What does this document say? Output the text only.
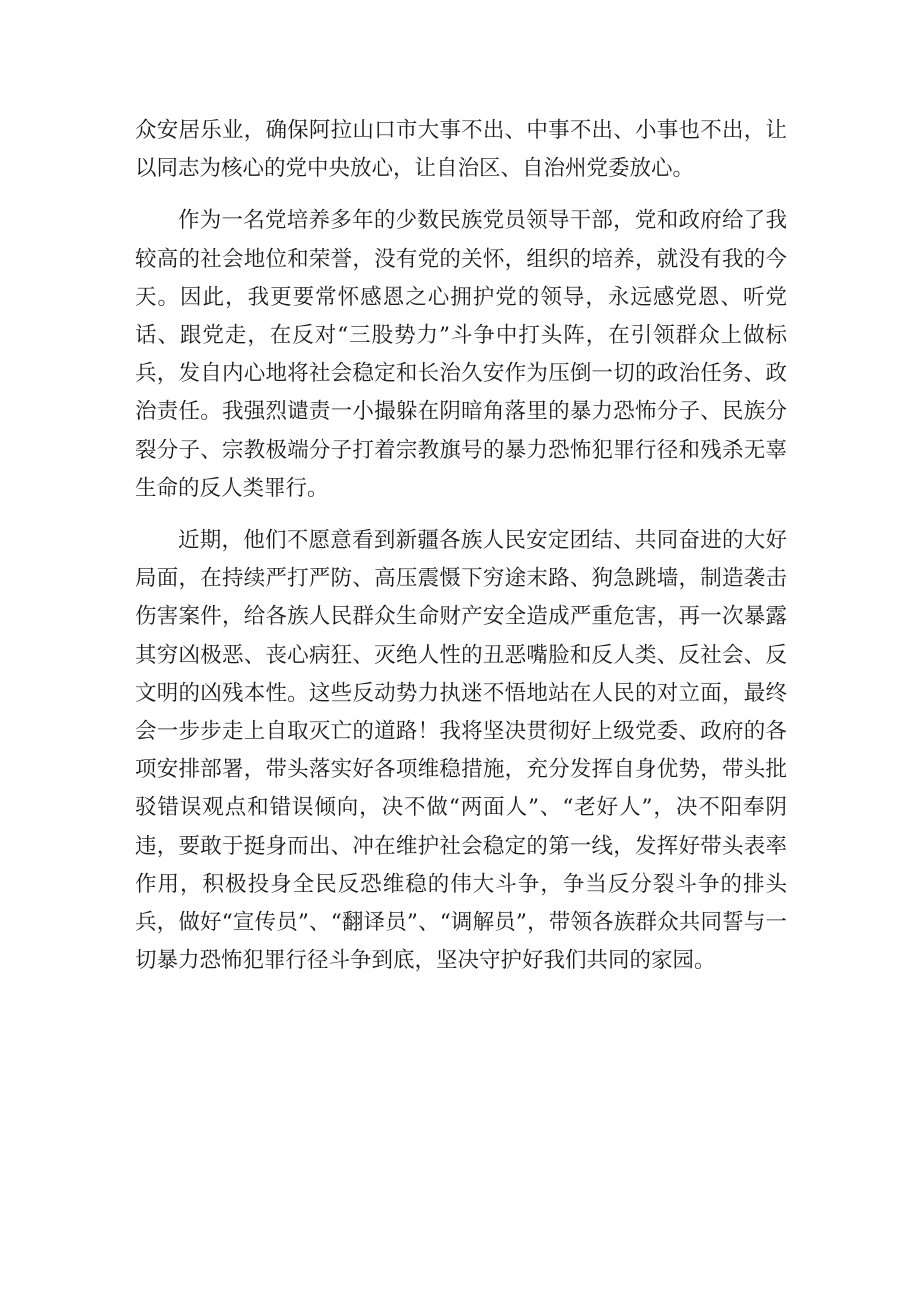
众安居乐业，确保阿拉山口市大事不出、中事不出、小事也不出，让以同志为核心的党中央放心，让自治区、自治州党委放心。

作为一名党培养多年的少数民族党员领导干部，党和政府给了我较高的社会地位和荣誉，没有党的关怀，组织的培养，就没有我的今天。因此，我更要常怀感恩之心拥护党的领导，永远感党恩、听党话、跟党走，在反对“三股势力”斗争中打头阵，在引领群众上做标兵，发自内心地将社会稳定和长治久安作为压倒一切的政治任务、政治责任。我强烈谴责一小撮躲在阴暗角落里的暴力恐怖分子、民族分裂分子、宗教极端分子打着宗教旗号的暴力恐怖犯罪行径和残杀无辜生命的反人类罪行。

近期，他们不愿意看到新疆各族人民安定团结、共同奋进的大好局面，在持续严打严防、高压震慑下穷途末路、狗急跳墙，制造袭击伤害案件，给各族人民群众生命财产安全造成严重危害，再一次暴露其穷凶极恶、丧心病狂、灭绝人性的丑恶嘴脸和反人类、反社会、反文明的凶残本性。这些反动势力执迷不悟地站在人民的对立面，最终会一步步走上自取灭亡的道路！我将坚决贯彻好上级党委、政府的各项安排部署，带头落实好各项维稳措施，充分发挥自身优势，带头批驳错误观点和错误倾向，决不做“两面人”、“老好人”，决不阳奉阴违，要敢于挺身而出、冲在维护社会稳定的第一线，发挥好带头表率作用，积极投身全民反恐维稳的伟大斗争，争当反分裂斗争的排头兵，做好“宣传员”、“翻译员”、“调解员”，带领各族群众共同誓与一切暴力恐怖犯罪行径斗争到底，坚决守护好我们共同的家园。
